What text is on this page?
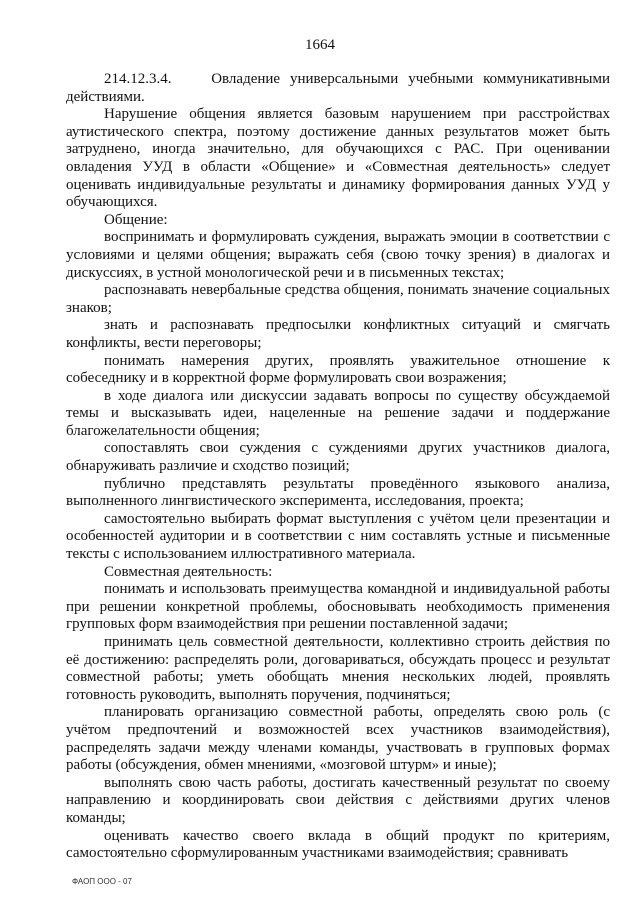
1664

214.12.3.4.	Овладение универсальными учебными коммуникативными действиями.

Нарушение общения является базовым нарушением при расстройствах аутистического спектра, поэтому достижение данных результатов может быть затруднено, иногда значительно, для обучающихся с РАС. При оценивании овладения УУД в области «Общение» и «Совместная деятельность» следует оценивать индивидуальные результаты и динамику формирования данных УУД у обучающихся.

Общение:

воспринимать и формулировать суждения, выражать эмоции в соответствии с условиями и целями общения; выражать себя (свою точку зрения) в диалогах и дискуссиях, в устной монологической речи и в письменных текстах;

распознавать невербальные средства общения, понимать значение социальных знаков;

знать и распознавать предпосылки конфликтных ситуаций и смягчать конфликты, вести переговоры;

понимать намерения других, проявлять уважительное отношение к собеседнику и в корректной форме формулировать свои возражения;

в ходе диалога или дискуссии задавать вопросы по существу обсуждаемой темы и высказывать идеи, нацеленные на решение задачи и поддержание благожелательности общения;

сопоставлять свои суждения с суждениями других участников диалога, обнаруживать различие и сходство позиций;

публично представлять результаты проведённого языкового анализа, выполненного лингвистического эксперимента, исследования, проекта;

самостоятельно выбирать формат выступления с учётом цели презентации и особенностей аудитории и в соответствии с ним составлять устные и письменные тексты с использованием иллюстративного материала.

Совместная деятельность:

понимать и использовать преимущества командной и индивидуальной работы при решении конкретной проблемы, обосновывать необходимость применения групповых форм взаимодействия при решении поставленной задачи;

принимать цель совместной деятельности, коллективно строить действия по её достижению: распределять роли, договариваться, обсуждать процесс и результат совместной работы; уметь обобщать мнения нескольких людей, проявлять готовность руководить, выполнять поручения, подчиняться;

планировать организацию совместной работы, определять свою роль (с учётом предпочтений и возможностей всех участников взаимодействия), распределять задачи между членами команды, участвовать в групповых формах работы (обсуждения, обмен мнениями, «мозговой штурм» и иные);

выполнять свою часть работы, достигать качественный результат по своему направлению и координировать свои действия с действиями других членов команды;

оценивать качество своего вклада в общий продукт по критериям, самостоятельно сформулированным участниками взаимодействия; сравнивать

ФАОП ООО - 07
